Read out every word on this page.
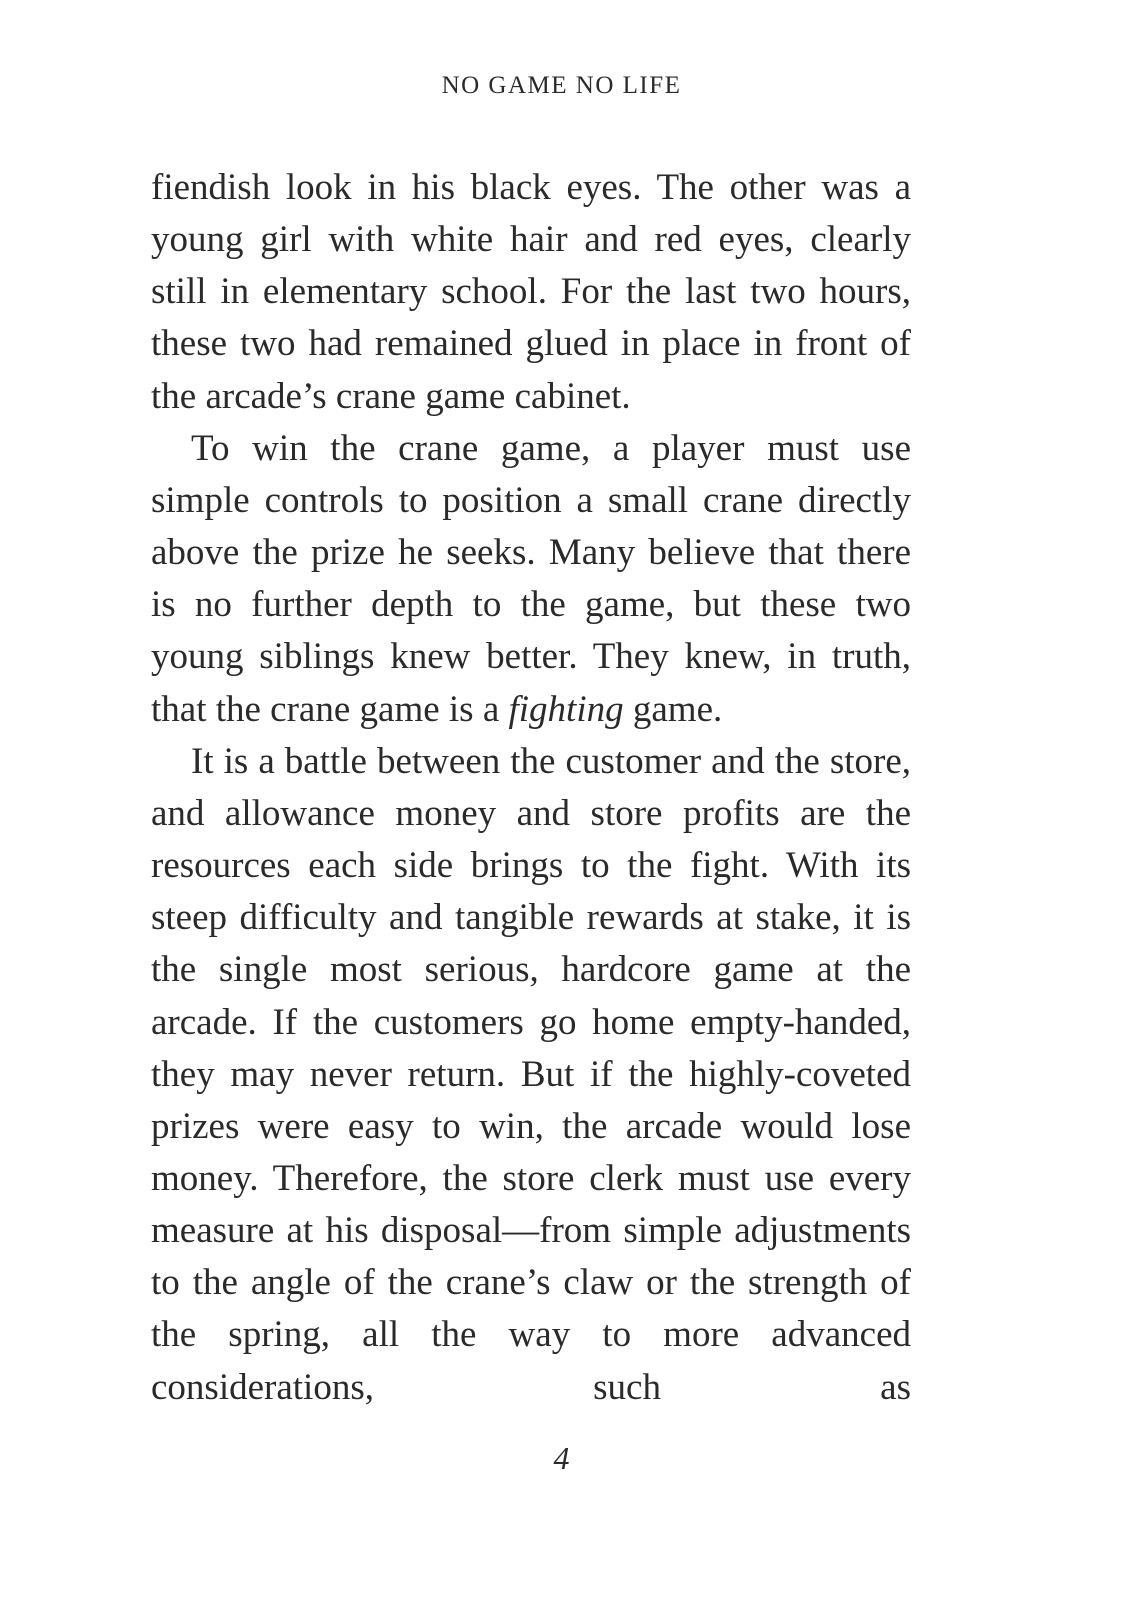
NO GAME NO LIFE

fiendish look in his black eyes. The other was a young girl with white hair and red eyes, clearly still in elementary school. For the last two hours, these two had remained glued in place in front of the arcade’s crane game cabinet.

To win the crane game, a player must use simple controls to position a small crane directly above the prize he seeks. Many believe that there is no further depth to the game, but these two young siblings knew better. They knew, in truth, that the crane game is a fighting game.

It is a battle between the customer and the store, and allowance money and store profits are the resources each side brings to the fight. With its steep difficulty and tangible rewards at stake, it is the single most serious, hardcore game at the arcade. If the customers go home empty-handed, they may never return. But if the highly-coveted prizes were easy to win, the arcade would lose money. Therefore, the store clerk must use every measure at his disposal—from simple adjustments to the angle of the crane’s claw or the strength of the spring, all the way to more advanced considerations, such as

4
